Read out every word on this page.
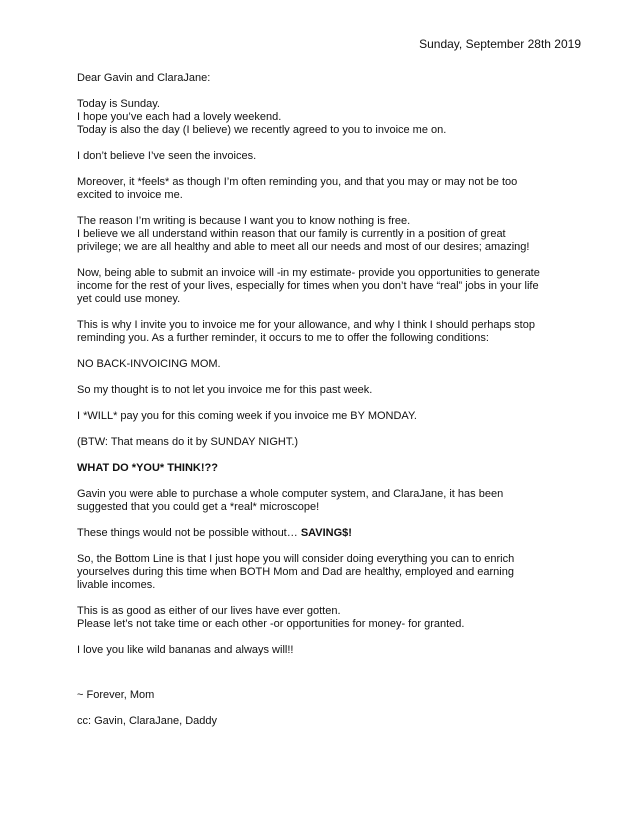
Sunday, September 28th 2019

Dear Gavin and ClaraJane:

Today is Sunday.
I hope you’ve each had a lovely weekend.
Today is also the day (I believe) we recently agreed to you to invoice me on.

I don’t believe I’ve seen the invoices.

Moreover, it *feels* as though I’m often reminding you, and that you may or may not be too
excited to invoice me.

The reason I’m writing is because I want you to know nothing is free.
I believe we all understand within reason that our family is currently in a position of great
privilege; we are all healthy and able to meet all our needs and most of our desires; amazing!

Now, being able to submit an invoice will -in my estimate- provide you opportunities to generate
income for the rest of your lives, especially for times when you don’t have “real” jobs in your life
yet could use money.

This is why I invite you to invoice me for your allowance, and why I think I should perhaps stop
reminding you. As a further reminder, it occurs to me to offer the following conditions:

NO BACK-INVOICING MOM.

So my thought is to not let you invoice me for this past week.

I *WILL* pay you for this coming week if you invoice me BY MONDAY.

(BTW: That means do it by SUNDAY NIGHT.)

WHAT DO *YOU* THINK!??

Gavin you were able to purchase a whole computer system, and ClaraJane, it has been
suggested that you could get a *real* microscope!

These things would not be possible without… SAVING$!

So, the Bottom Line is that I just hope you will consider doing everything you can to enrich
yourselves during this time when BOTH Mom and Dad are healthy, employed and earning
livable incomes.

This is as good as either of our lives have ever gotten.
Please let’s not take time or each other -or opportunities for money- for granted.

I love you like wild bananas and always will!!

~ Forever, Mom

cc: Gavin, ClaraJane, Daddy
